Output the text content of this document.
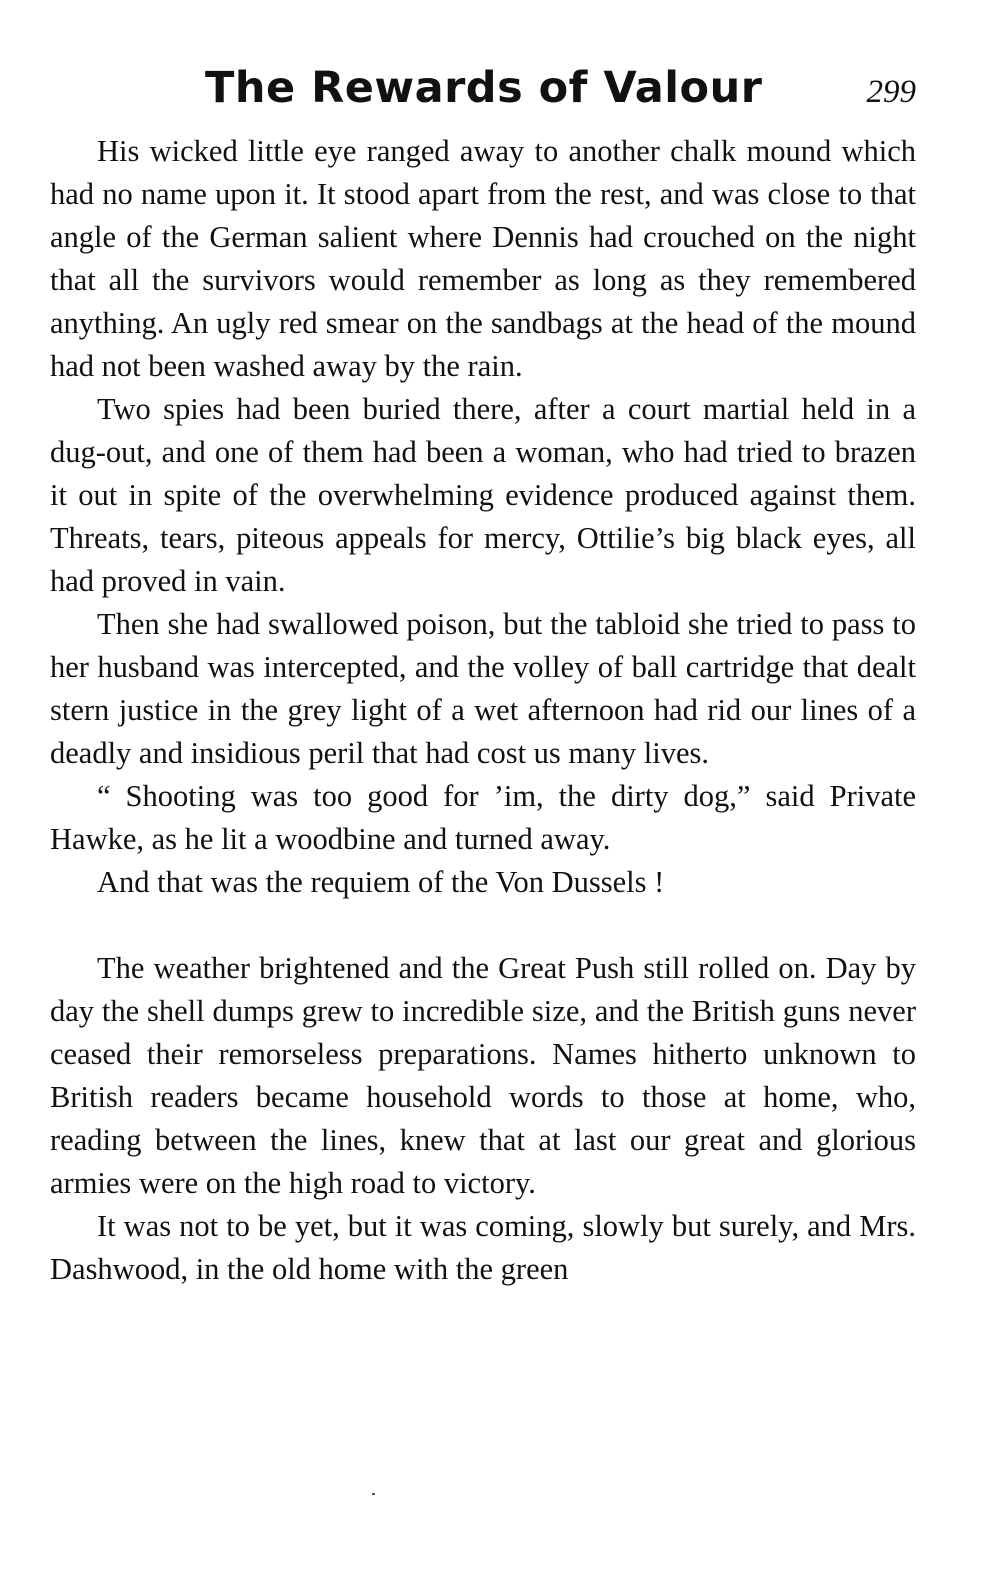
The Rewards of Valour	299

His wicked little eye ranged away to another chalk mound which had no name upon it. It stood apart from the rest, and was close to that angle of the German salient where Dennis had crouched on the night that all the survivors would remember as long as they remembered anything. An ugly red smear on the sandbags at the head of the mound had not been washed away by the rain.

Two spies had been buried there, after a court martial held in a dug-out, and one of them had been a woman, who had tried to brazen it out in spite of the overwhelming evidence produced against them. Threats, tears, piteous appeals for mercy, Ottilie’s big black eyes, all had proved in vain.

Then she had swallowed poison, but the tabloid she tried to pass to her husband was intercepted, and the volley of ball cartridge that dealt stern justice in the grey light of a wet afternoon had rid our lines of a deadly and insidious peril that had cost us many lives.

“ Shooting was too good for ’im, the dirty dog,” said Private Hawke, as he lit a woodbine and turned away.

And that was the requiem of the Von Dussels !

The weather brightened and the Great Push still rolled on. Day by day the shell dumps grew to incredible size, and the British guns never ceased their remorseless preparations. Names hitherto unknown to British readers became household words to those at home, who, reading between the lines, knew that at last our great and glorious armies were on the high road to victory.

It was not to be yet, but it was coming, slowly but surely, and Mrs. Dashwood, in the old home with the green
